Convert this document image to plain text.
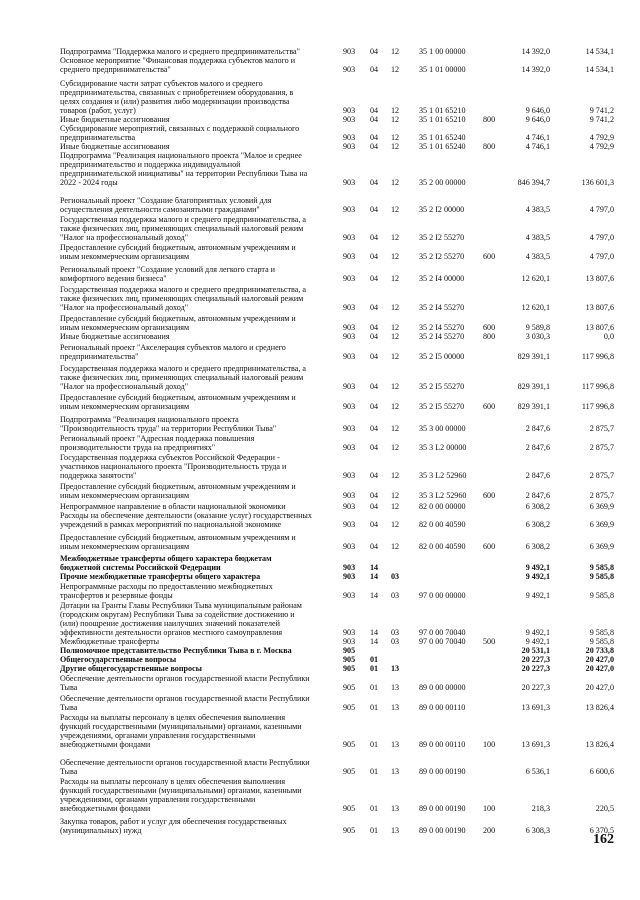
Подпрограмма "Поддержка малого и среднего предпринимательства"	903 04 12 35 1 00 00000	14 392,0	14 534,1
Основное мероприятие "Финансовая поддержка субъектов малого и
среднего предпринимательства"	903 04 12 35 1 01 00000	14 392,0	14 534,1
Субсидирование части затрат субъектов малого и среднего
предпринимательства, связанных с приобретением оборудования, в
целях создания и (или) развития либо модернизации производства
товаров (работ, услуг)	903 04 12 35 1 01 65210	9 646,0	9 741,2
Иные бюджетные ассигнования	903 04 12 35 1 01 65210 800	9 646,0	9 741,2
Субсидирование мероприятий, связанных с поддержкой социального
предпринимательства	903 04 12 35 1 01 65240	4 746,1	4 792,9
Иные бюджетные ассигнования	903 04 12 35 1 01 65240 800	4 746,1	4 792,9
Подпрограмма "Реализация национального проекта "Малое и среднее
предпринимательство и поддержка индивидуальной
предпринимательской инициативы" на территории Республики Тыва на
2022 - 2024 годы	903 04 12 35 2 00 00000	846 394,7	136 601,3
Региональный проект "Создание благоприятных условий для
осуществления деятельности самозанятыми гражданами"	903 04 12 35 2 I2 00000	4 383,5	4 797,0
Государственная поддержка малого и среднего предпринимательства, а
также физических лиц, применяющих специальный налоговый режим
"Налог на профессиональный доход"	903 04 12 35 2 I2 55270	4 383,5	4 797,0
Предоставление субсидий бюджетным, автономным учреждениям и
иным некоммерческим организациям	903 04 12 35 2 I2 55270 600	4 383,5	4 797,0
Региональный проект "Создание условий для легкого старта и
комфортного ведения бизнеса"	903 04 12 35 2 I4 00000	12 620,1	13 807,6
Государственная поддержка малого и среднего предпринимательства, а
также физических лиц, применяющих специальный налоговый режим
"Налог на профессиональный доход"	903 04 12 35 2 I4 55270	12 620,1	13 807,6
Предоставление субсидий бюджетным, автономным учреждениям и
иным некоммерческим организациям	903 04 12 35 2 I4 55270 600	9 589,8	13 807,6
Иные бюджетные ассигнования	903 04 12 35 2 I4 55270 800	3 030,3	0,0
Региональный проект "Акселерация субъектов малого и среднего
предпринимательства"	903 04 12 35 2 I5 00000	829 391,1	117 996,8
Государственная поддержка малого и среднего предпринимательства, а
также физических лиц, применяющих специальный налоговый режим
"Налог на профессиональный доход"	903 04 12 35 2 I5 55270	829 391,1	117 996,8
Предоставление субсидий бюджетным, автономным учреждениям и
иным некоммерческим организациям	903 04 12 35 2 I5 55270 600	829 391,1	117 996,8
Подпрограмма "Реализация национального проекта
"Производительность труда" на территории Республики Тыва"	903 04 12 35 3 00 00000	2 847,6	2 875,7
Региональный проект "Адресная поддержка повышения
производительности труда на предприятиях"	903 04 12 35 3 L2 00000	2 847,6	2 875,7
Государственная поддержка субъектов Российской Федерации -
участников национального проекта "Производительность труда и
поддержка занятости"	903 04 12 35 3 L2 52960	2 847,6	2 875,7
Предоставление субсидий бюджетным, автономным учреждениям и
иным некоммерческим организациям	903 04 12 35 3 L2 52960 600	2 847,6	2 875,7
Непрограммное направление в области национальной экономики	903 04 12 82 0 00 00000	6 308,2	6 369,9
Расходы на обеспечение деятельности (оказание услуг) государственных
учреждений в рамках мероприятий по национальной экономике	903 04 12 82 0 00 40590	6 308,2	6 369,9
Предоставление субсидий бюджетным, автономным учреждениям и
иным некоммерческим организациям	903 04 12 82 0 00 40590 600	6 308,2	6 369,9
Межбюджетные трансферты общего характера бюджетам
бюджетной системы Российской Федерации	903 14	9 492,1	9 585,8
Прочие межбюджетные трансферты общего характера	903 14 03	9 492,1	9 585,8
Непрограммные расходы по предоставлению межбюджетных
трансфертов и резервные фонды	903 14 03 97 0 00 00000	9 492,1	9 585,8
Дотации на Гранты Главы Республики Тыва муниципальным районам
(городским округам) Республики Тыва за содействие достижению и
(или) поощрение достижения наилучших значений показателей
эффективности деятельности органов местного самоуправления	903 14 03 97 0 00 70040	9 492,1	9 585,8
Межбюджетные трансферты	903 14 03 97 0 00 70040 500	9 492,1	9 585,8
Полномочное представительство Республики Тыва в г. Москва	905	20 531,1	20 733,8
Общегосударственные вопросы	905 01	20 227,3	20 427,0
Другие общегосударственные вопросы	905 01 13	20 227,3	20 427,0
Обеспечение деятельности органов государственной власти Республики
Тыва	905 01 13 89 0 00 00000	20 227,3	20 427,0
Обеспечение деятельности органов государственной власти Республики
Тыва	905 01 13 89 0 00 00110	13 691,3	13 826,4
Расходы на выплаты персоналу в целях обеспечения выполнения
функций государственными (муниципальными) органами, казенными
учреждениями, органами управления государственными
внебюджетными фондами	905 01 13 89 0 00 00110 100	13 691,3	13 826,4
Обеспечение деятельности органов государственной власти Республики
Тыва	905 01 13 89 0 00 00190	6 536,1	6 600,6
Расходы на выплаты персоналу в целях обеспечения выполнения
функций государственными (муниципальными) органами, казенными
учреждениями, органами управления государственными
внебюджетными фондами	905 01 13 89 0 00 00190 100	218,3	220,5
Закупка товаров, работ и услуг для обеспечения государственных
(муниципальных) нужд	905 01 13 89 0 00 00190 200	6 308,3	6 370,5
162
